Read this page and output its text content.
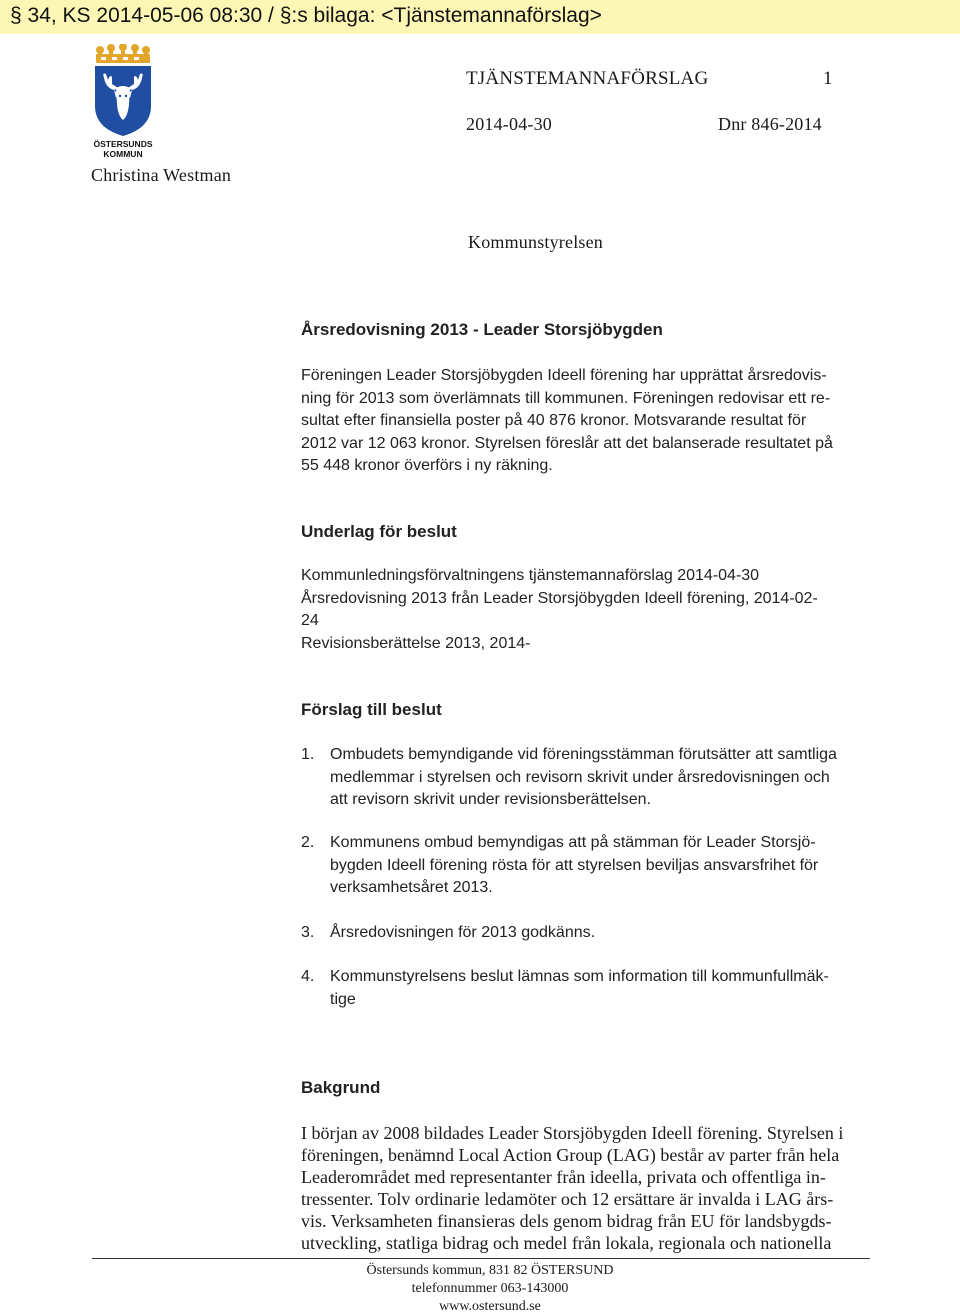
§ 34, KS 2014-05-06 08:30 / §:s bilaga: <Tjänstemannaförslag>
ÖSTERSUNDS
KOMMUN
TJÄNSTEMANNAFÖRSLAG	1
2014-04-30	Dnr 846-2014
Christina Westman
Kommunstyrelsen
Årsredovisning 2013 - Leader Storsjöbygden
Föreningen Leader Storsjöbygden Ideell förening har upprättat årsredovis-
ning för 2013 som överlämnats till kommunen. Föreningen redovisar ett re-
sultat efter finansiella poster på 40 876 kronor. Motsvarande resultat för
2012 var 12 063 kronor. Styrelsen föreslår att det balanserade resultatet på
55 448 kronor överförs i ny räkning.
Underlag för beslut
Kommunledningsförvaltningens tjänstemannaförslag 2014-04-30
Årsredovisning 2013 från Leader Storsjöbygden Ideell förening, 2014-02-
24
Revisionsberättelse 2013, 2014-
Förslag till beslut
1. Ombudets bemyndigande vid föreningsstämman förutsätter att samtliga
medlemmar i styrelsen och revisorn skrivit under årsredovisningen och
att revisorn skrivit under revisionsberättelsen.
2. Kommunens ombud bemyndigas att på stämman för Leader Storsjö-
bygden Ideell förening rösta för att styrelsen beviljas ansvarsfrihet för
verksamhetsåret 2013.
3. Årsredovisningen för 2013 godkänns.
4. Kommunstyrelsens beslut lämnas som information till kommunfullmäk-
tige
Bakgrund
I början av 2008 bildades Leader Storsjöbygden Ideell förening. Styrelsen i
föreningen, benämnd Local Action Group (LAG) består av parter från hela
Leaderområdet med representanter från ideella, privata och offentliga in-
tressenter. Tolv ordinarie ledamöter och 12 ersättare är invalda i LAG års-
vis. Verksamheten finansieras dels genom bidrag från EU för landsbygds-
utveckling, statliga bidrag och medel från lokala, regionala och nationella
Östersunds kommun, 831 82 ÖSTERSUND
telefonnummer 063-143000
www.ostersund.se
